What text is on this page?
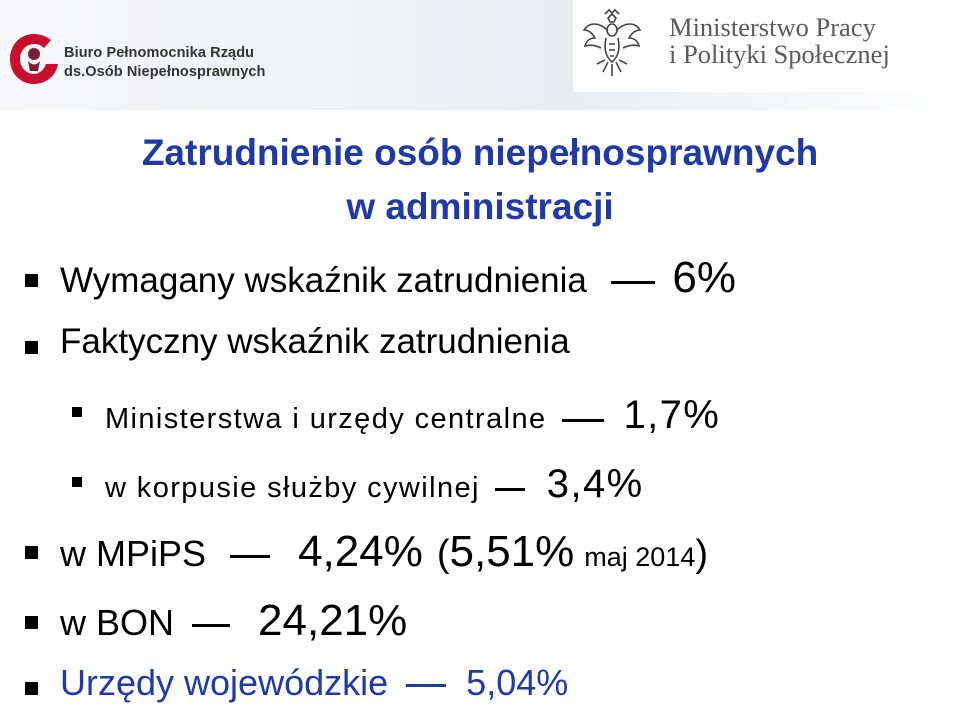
Biuro Pełnomocnika Rządu
ds.Osób Niepełnosprawnych
Ministerstwo Pracy
i Polityki Społecznej
Zatrudnienie osób niepełnosprawnych
w administracji
Wymagany wskaźnik zatrudnienia 6%
Faktyczny wskaźnik zatrudnienia
Ministerstwa i urzędy centralne 1,7%
w korpusie służby cywilnej 3,4%
w MPiPS 4,24% (5,51% maj 2014)
w BON 24,21%
Urzędy wojewódzkie 5,04%
